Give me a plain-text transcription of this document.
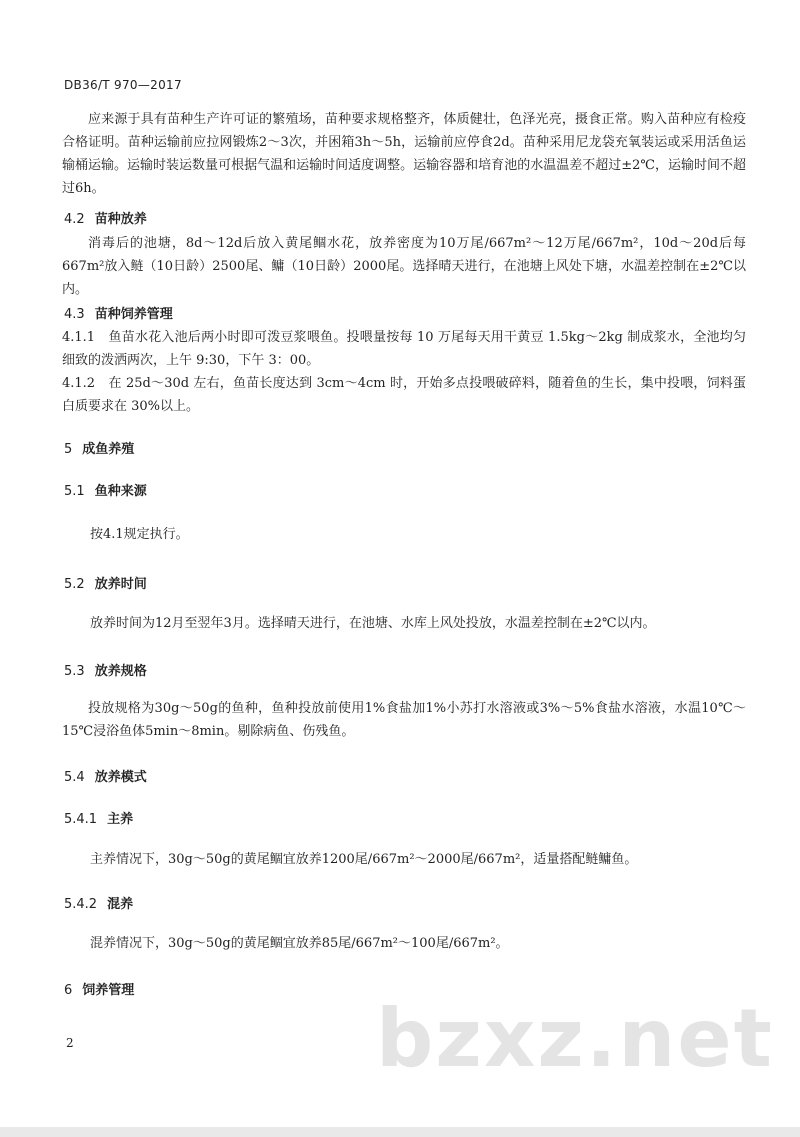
DB36/T 970—2017
应来源于具有苗种生产许可证的繁殖场，苗种要求规格整齐，体质健壮，色泽光亮，摄食正常。购入苗种应有检疫合格证明。苗种运输前应拉网锻炼2～3次，并困箱3h～5h，运输前应停食2d。苗种采用尼龙袋充氧装运或采用活鱼运输桶运输。运输时装运数量可根据气温和运输时间适度调整。运输容器和培育池的水温温差不超过±2℃，运输时间不超过6h。
4.2 苗种放养
消毒后的池塘，8d～12d后放入黄尾鲴水花，放养密度为10万尾/667m²～12万尾/667m²，10d～20d后每667m²放入鲢（10日龄）2500尾、鳙（10日龄）2000尾。选择晴天进行，在池塘上风处下塘，水温差控制在±2℃以内。
4.3 苗种饲养管理
4.1.1　鱼苗水花入池后两小时即可泼豆浆喂鱼。投喂量按每 10 万尾每天用干黄豆 1.5kg～2kg 制成浆水，全池均匀细致的泼洒两次，上午 9:30，下午 3：00。
4.1.2　在 25d～30d 左右，鱼苗长度达到 3cm～4cm 时，开始多点投喂破碎料，随着鱼的生长，集中投喂，饲料蛋白质要求在 30%以上。
5 成鱼养殖
5.1 鱼种来源
按4.1规定执行。
5.2 放养时间
放养时间为12月至翌年3月。选择晴天进行，在池塘、水库上风处投放，水温差控制在±2℃以内。
5.3 放养规格
投放规格为30g～50g的鱼种，鱼种投放前使用1%食盐加1%小苏打水溶液或3%～5%食盐水溶液，水温10℃～15℃浸浴鱼体5min～8min。剔除病鱼、伤残鱼。
5.4 放养模式
5.4.1 主养
主养情况下，30g～50g的黄尾鲴宜放养1200尾/667m²～2000尾/667m²，适量搭配鲢鳙鱼。
5.4.2 混养
混养情况下，30g～50g的黄尾鲴宜放养85尾/667m²～100尾/667m²。
6 饲养管理
bzxz.net
2
